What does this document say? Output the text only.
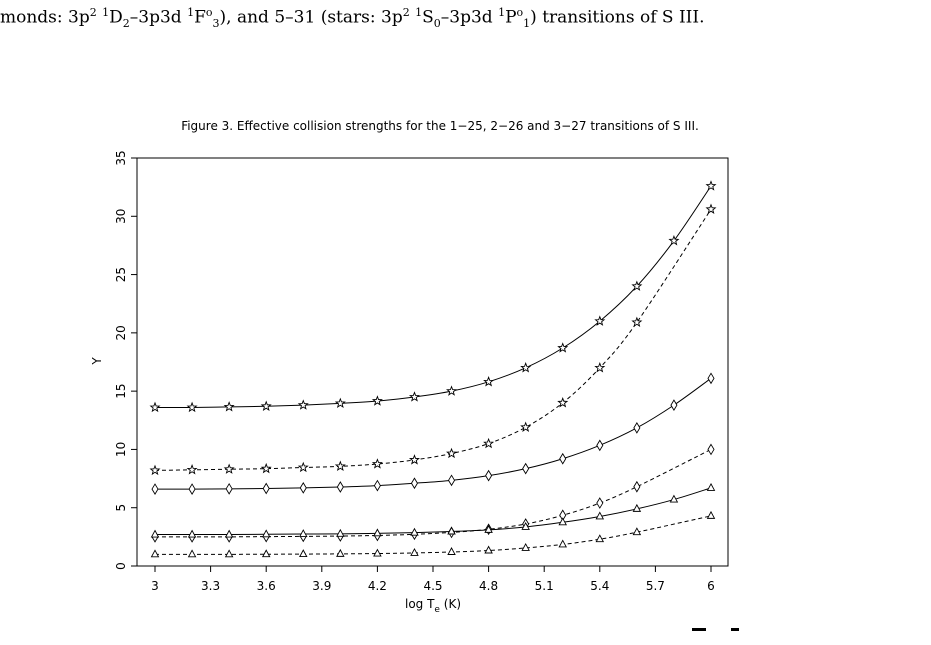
monds: $3p^2$ $^1D_2-3p3d$ $^1F^o_3$), and 5–31 (stars: $3p^2$ $^1S_0-3p3d$ $^1P^o_1$) transitions of S III.
Figure 3. Effective collision strengths for the 1−25, 2−26 and 3−27 transitions of S III.
3	3.3	3.6	3.9	4.2	4.5	4.8	5.1	5.4	5.7	6
0
5
10
15
20
25
30
35
$\log T_e$ (K)
Υ
